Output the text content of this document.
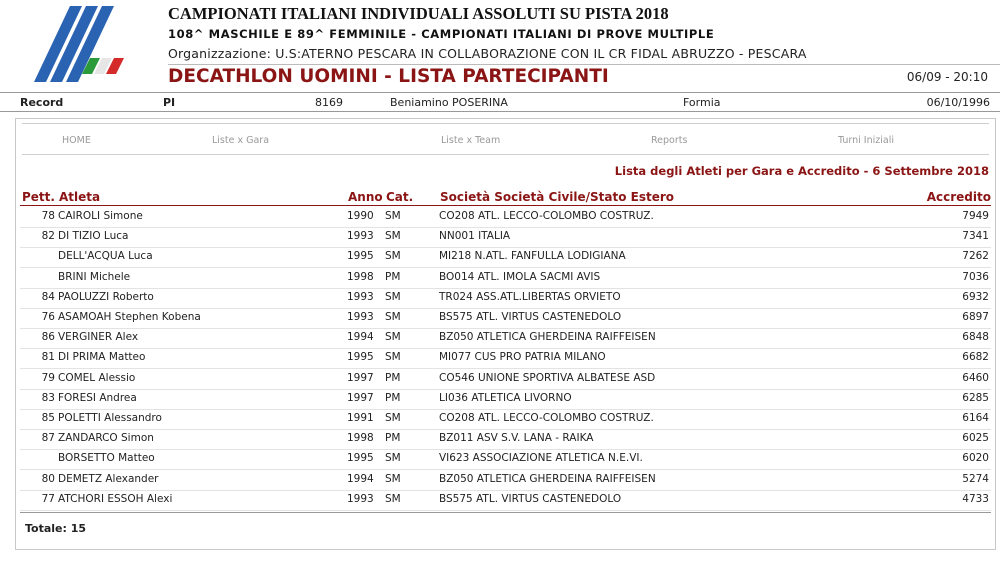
CAMPIONATI ITALIANI INDIVIDUALI ASSOLUTI SU PISTA 2018
108^ MASCHILE E 89^ FEMMINILE - CAMPIONATI ITALIANI DI PROVE MULTIPLE
Organizzazione: U.S:ATERNO PESCARA IN COLLABORAZIONE CON IL CR FIDAL ABRUZZO - PESCARA
DECATHLON UOMINI - LISTA PARTECIPANTI	06/09 - 20:10
Record	PI	8169	Beniamino POSERINA	Formia	06/10/1996
HOME	Liste x Gara	Liste x Team	Reports	Turni Iniziali
Lista degli Atleti per Gara e Accredito - 6 Settembre 2018
Pett. Atleta	Anno Cat. Società Società Civile/Stato Estero	Accredito
78 CAIROLI Simone	1990 SM	CO208 ATL. LECCO-COLOMBO COSTRUZ.	7949
82 DI TIZIO Luca	1993 SM	NN001 ITALIA	7341
DELL'ACQUA Luca	1995 SM	MI218 N.ATL. FANFULLA LODIGIANA	7262
BRINI Michele	1998 PM	BO014 ATL. IMOLA SACMI AVIS	7036
84 PAOLUZZI Roberto	1993 SM	TR024 ASS.ATL.LIBERTAS ORVIETO	6932
76 ASAMOAH Stephen Kobena	1993 SM	BS575 ATL. VIRTUS CASTENEDOLO	6897
86 VERGINER Alex	1994 SM	BZ050 ATLETICA GHERDEINA RAIFFEISEN	6848
81 DI PRIMA Matteo	1995 SM	MI077 CUS PRO PATRIA MILANO	6682
79 COMEL Alessio	1997 PM	CO546 UNIONE SPORTIVA ALBATESE ASD	6460
83 FORESI Andrea	1997 PM	LI036 ATLETICA LIVORNO	6285
85 POLETTI Alessandro	1991 SM	CO208 ATL. LECCO-COLOMBO COSTRUZ.	6164
87 ZANDARCO Simon	1998 PM	BZ011 ASV S.V. LANA - RAIKA	6025
BORSETTO Matteo	1995 SM	VI623 ASSOCIAZIONE ATLETICA N.E.VI.	6020
80 DEMETZ Alexander	1994 SM	BZ050 ATLETICA GHERDEINA RAIFFEISEN	5274
77 ATCHORI ESSOH Alexi	1993 SM	BS575 ATL. VIRTUS CASTENEDOLO	4733
Totale: 15
